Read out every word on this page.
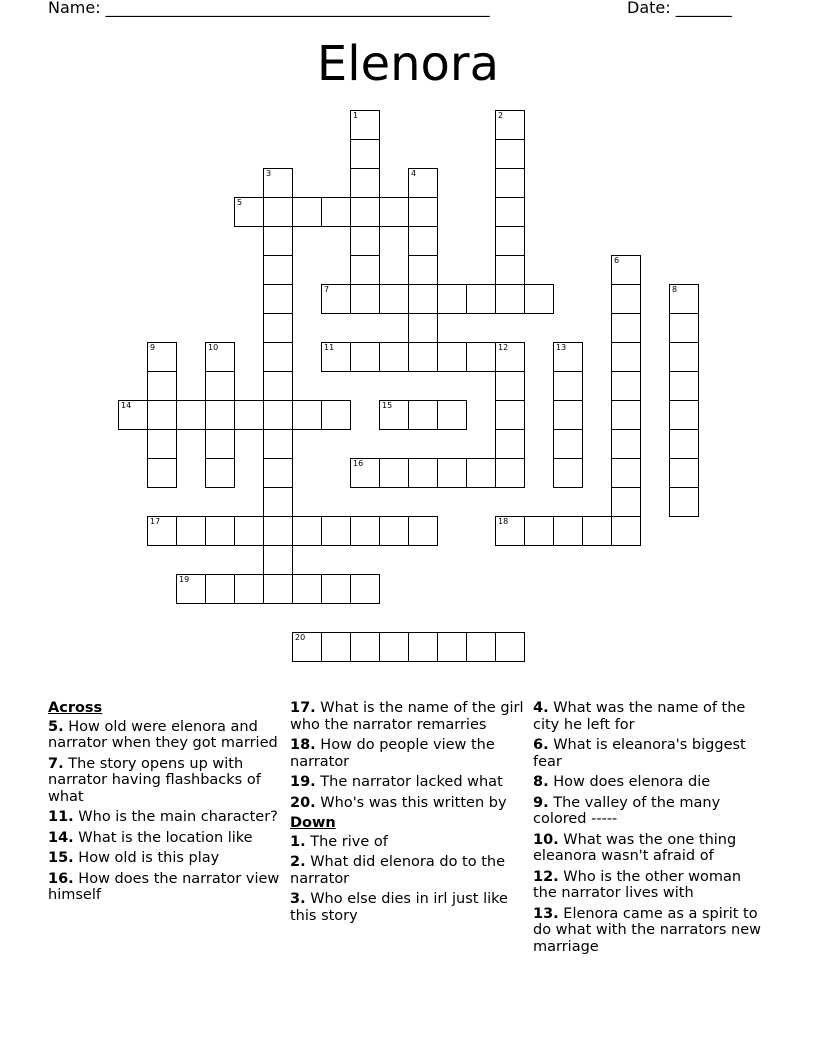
Name: ________________________________________________	Date: _______
Elenora
1	2
3	4
5
6
7	8
9	10	11	12	13
14	15
16
17	18
19
20
Across
5. How old were elenora and narrator when they got married
7. The story opens up with narrator having flashbacks of what
11. Who is the main character?
14. What is the location like
15. How old is this play
16. How does the narrator view himself
17. What is the name of the girl who the narrator remarries
18. How do people view the narrator
19. The narrator lacked what
20. Who's was this written by
Down
1. The rive of
2. What did elenora do to the narrator
3. Who else dies in irl just like this story
4. What was the name of the city he left for
6. What is eleanora's biggest fear
8. How does elenora die
9. The valley of the many colored -----
10. What was the one thing eleanora wasn't afraid of
12. Who is the other woman the narrator lives with
13. Elenora came as a spirit to do what with the narrators new marriage
